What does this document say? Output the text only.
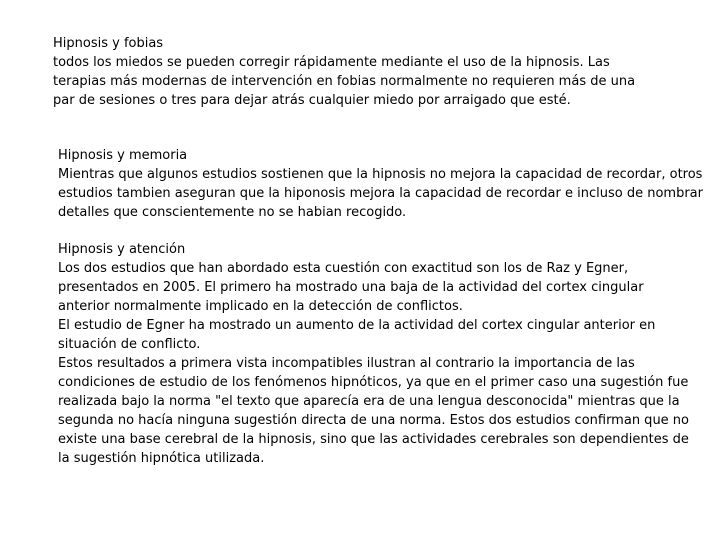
Hipnosis y fobias
todos los miedos se pueden corregir rápidamente mediante el uso de la hipnosis. Las
terapias más modernas de intervención en fobias normalmente no requieren más de una
par de sesiones o tres para dejar atrás cualquier miedo por arraigado que esté.
Hipnosis y memoria
Mientras que algunos estudios sostienen que la hipnosis no mejora la capacidad de recordar, otros
estudios tambien aseguran que la hiponosis mejora la capacidad de recordar e incluso de nombrar
detalles que conscientemente no se habian recogido.
Hipnosis y atención
Los dos estudios que han abordado esta cuestión con exactitud son los de Raz y Egner,
presentados en 2005. El primero ha mostrado una baja de la actividad del cortex cingular
anterior normalmente implicado en la detección de conflictos.
El estudio de Egner ha mostrado un aumento de la actividad del cortex cingular anterior en
situación de conflicto.
Estos resultados a primera vista incompatibles ilustran al contrario la importancia de las
condiciones de estudio de los fenómenos hipnóticos, ya que en el primer caso una sugestión fue
realizada bajo la norma "el texto que aparecía era de una lengua desconocida" mientras que la
segunda no hacía ninguna sugestión directa de una norma. Estos dos estudios confirman que no
existe una base cerebral de la hipnosis, sino que las actividades cerebrales son dependientes de
la sugestión hipnótica utilizada.
